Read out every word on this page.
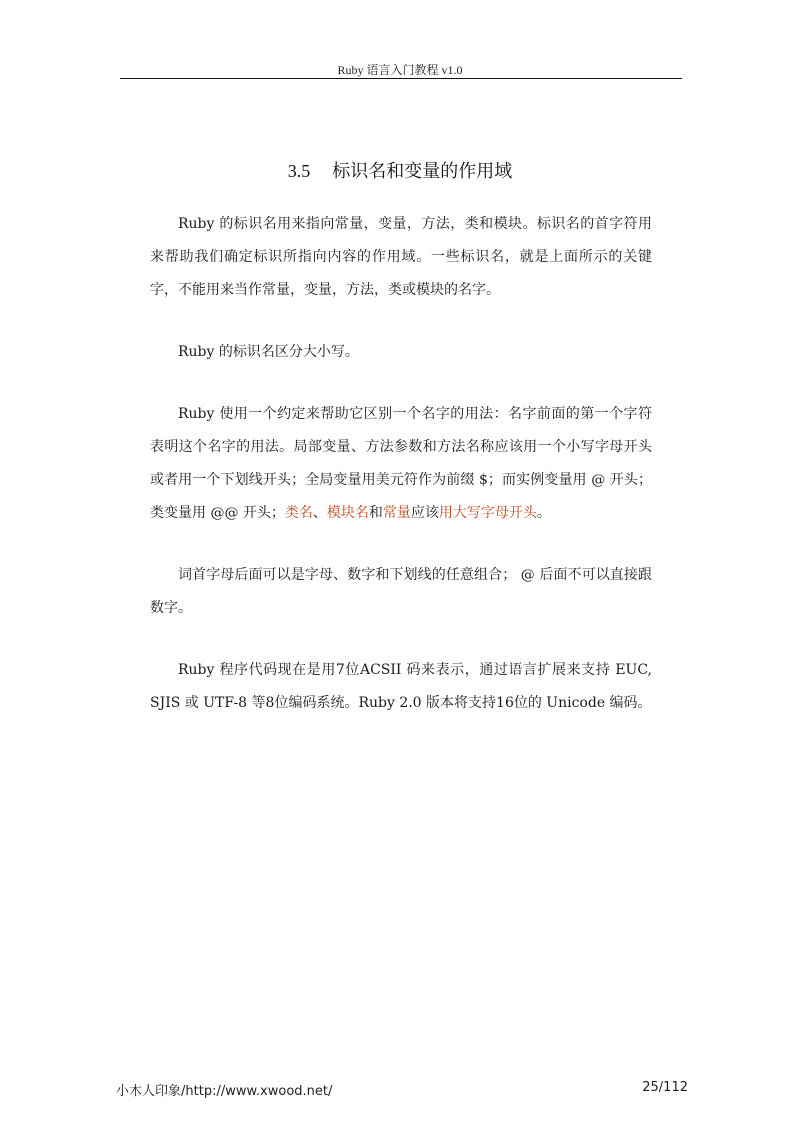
Ruby 语言入门教程 v1.0
3.5 标识名和变量的作用域

Ruby 的标识名用来指向常量，变量，方法，类和模块。标识名的首字符用来帮助我们确定标识所指向内容的作用域。一些标识名，就是上面所示的关键字，不能用来当作常量，变量，方法，类或模块的名字。

Ruby 的标识名区分大小写。

Ruby 使用一个约定来帮助它区别一个名字的用法：名字前面的第一个字符表明这个名字的用法。局部变量、方法参数和方法名称应该用一个小写字母开头或者用一个下划线开头；全局变量用美元符作为前缀 $；而实例变量用 @ 开头；类变量用 @@ 开头；类名、模块名和常量应该用大写字母开头。

词首字母后面可以是字母、数字和下划线的任意组合； @ 后面不可以直接跟数字。

Ruby 程序代码现在是用7位ACSII 码来表示，通过语言扩展来支持 EUC, SJIS 或 UTF-8 等8位编码系统。Ruby 2.0 版本将支持16位的 Unicode 编码。

小木人印象/http://www.xwood.net/	25/112
